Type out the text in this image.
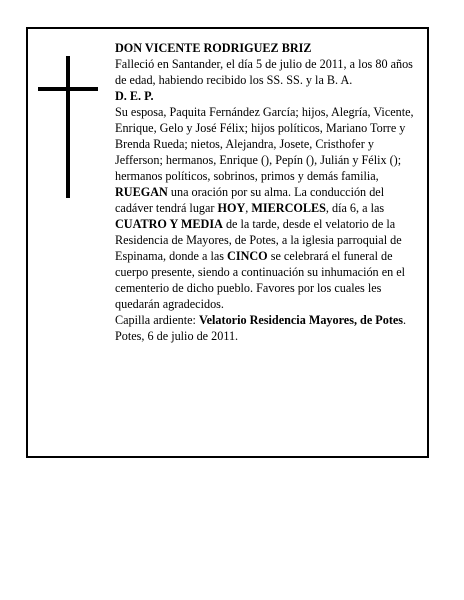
DON VICENTE RODRIGUEZ BRIZ

Falleció en Santander, el día 5 de julio de 2011, a los 80 años de edad, habiendo recibido los SS. SS. y la B. A.

D. E. P.

Su esposa, Paquita Fernández García; hijos, Alegría, Vicente, Enrique, Gelo y José Félix; hijos políticos, Mariano Torre y Brenda Rueda; nietos, Alejandra, Josete, Cristhofer y Jefferson; hermanos, Enrique (), Pepín (), Julián y Félix (); hermanos políticos, sobrinos, primos y demás familia,

RUEGAN una oración por su alma. La conducción del cadáver tendrá lugar HOY, MIERCOLES, día 6, a las CUATRO Y MEDIA de la tarde, desde el velatorio de la Residencia de Mayores, de Potes, a la iglesia parroquial de Espinama, donde a las CINCO se celebrará el funeral de cuerpo presente, siendo a continuación su inhumación en el cementerio de dicho pueblo. Favores por los cuales les quedarán agradecidos.

Capilla ardiente: Velatorio Residencia Mayores, de Potes.

Potes, 6 de julio de 2011.
